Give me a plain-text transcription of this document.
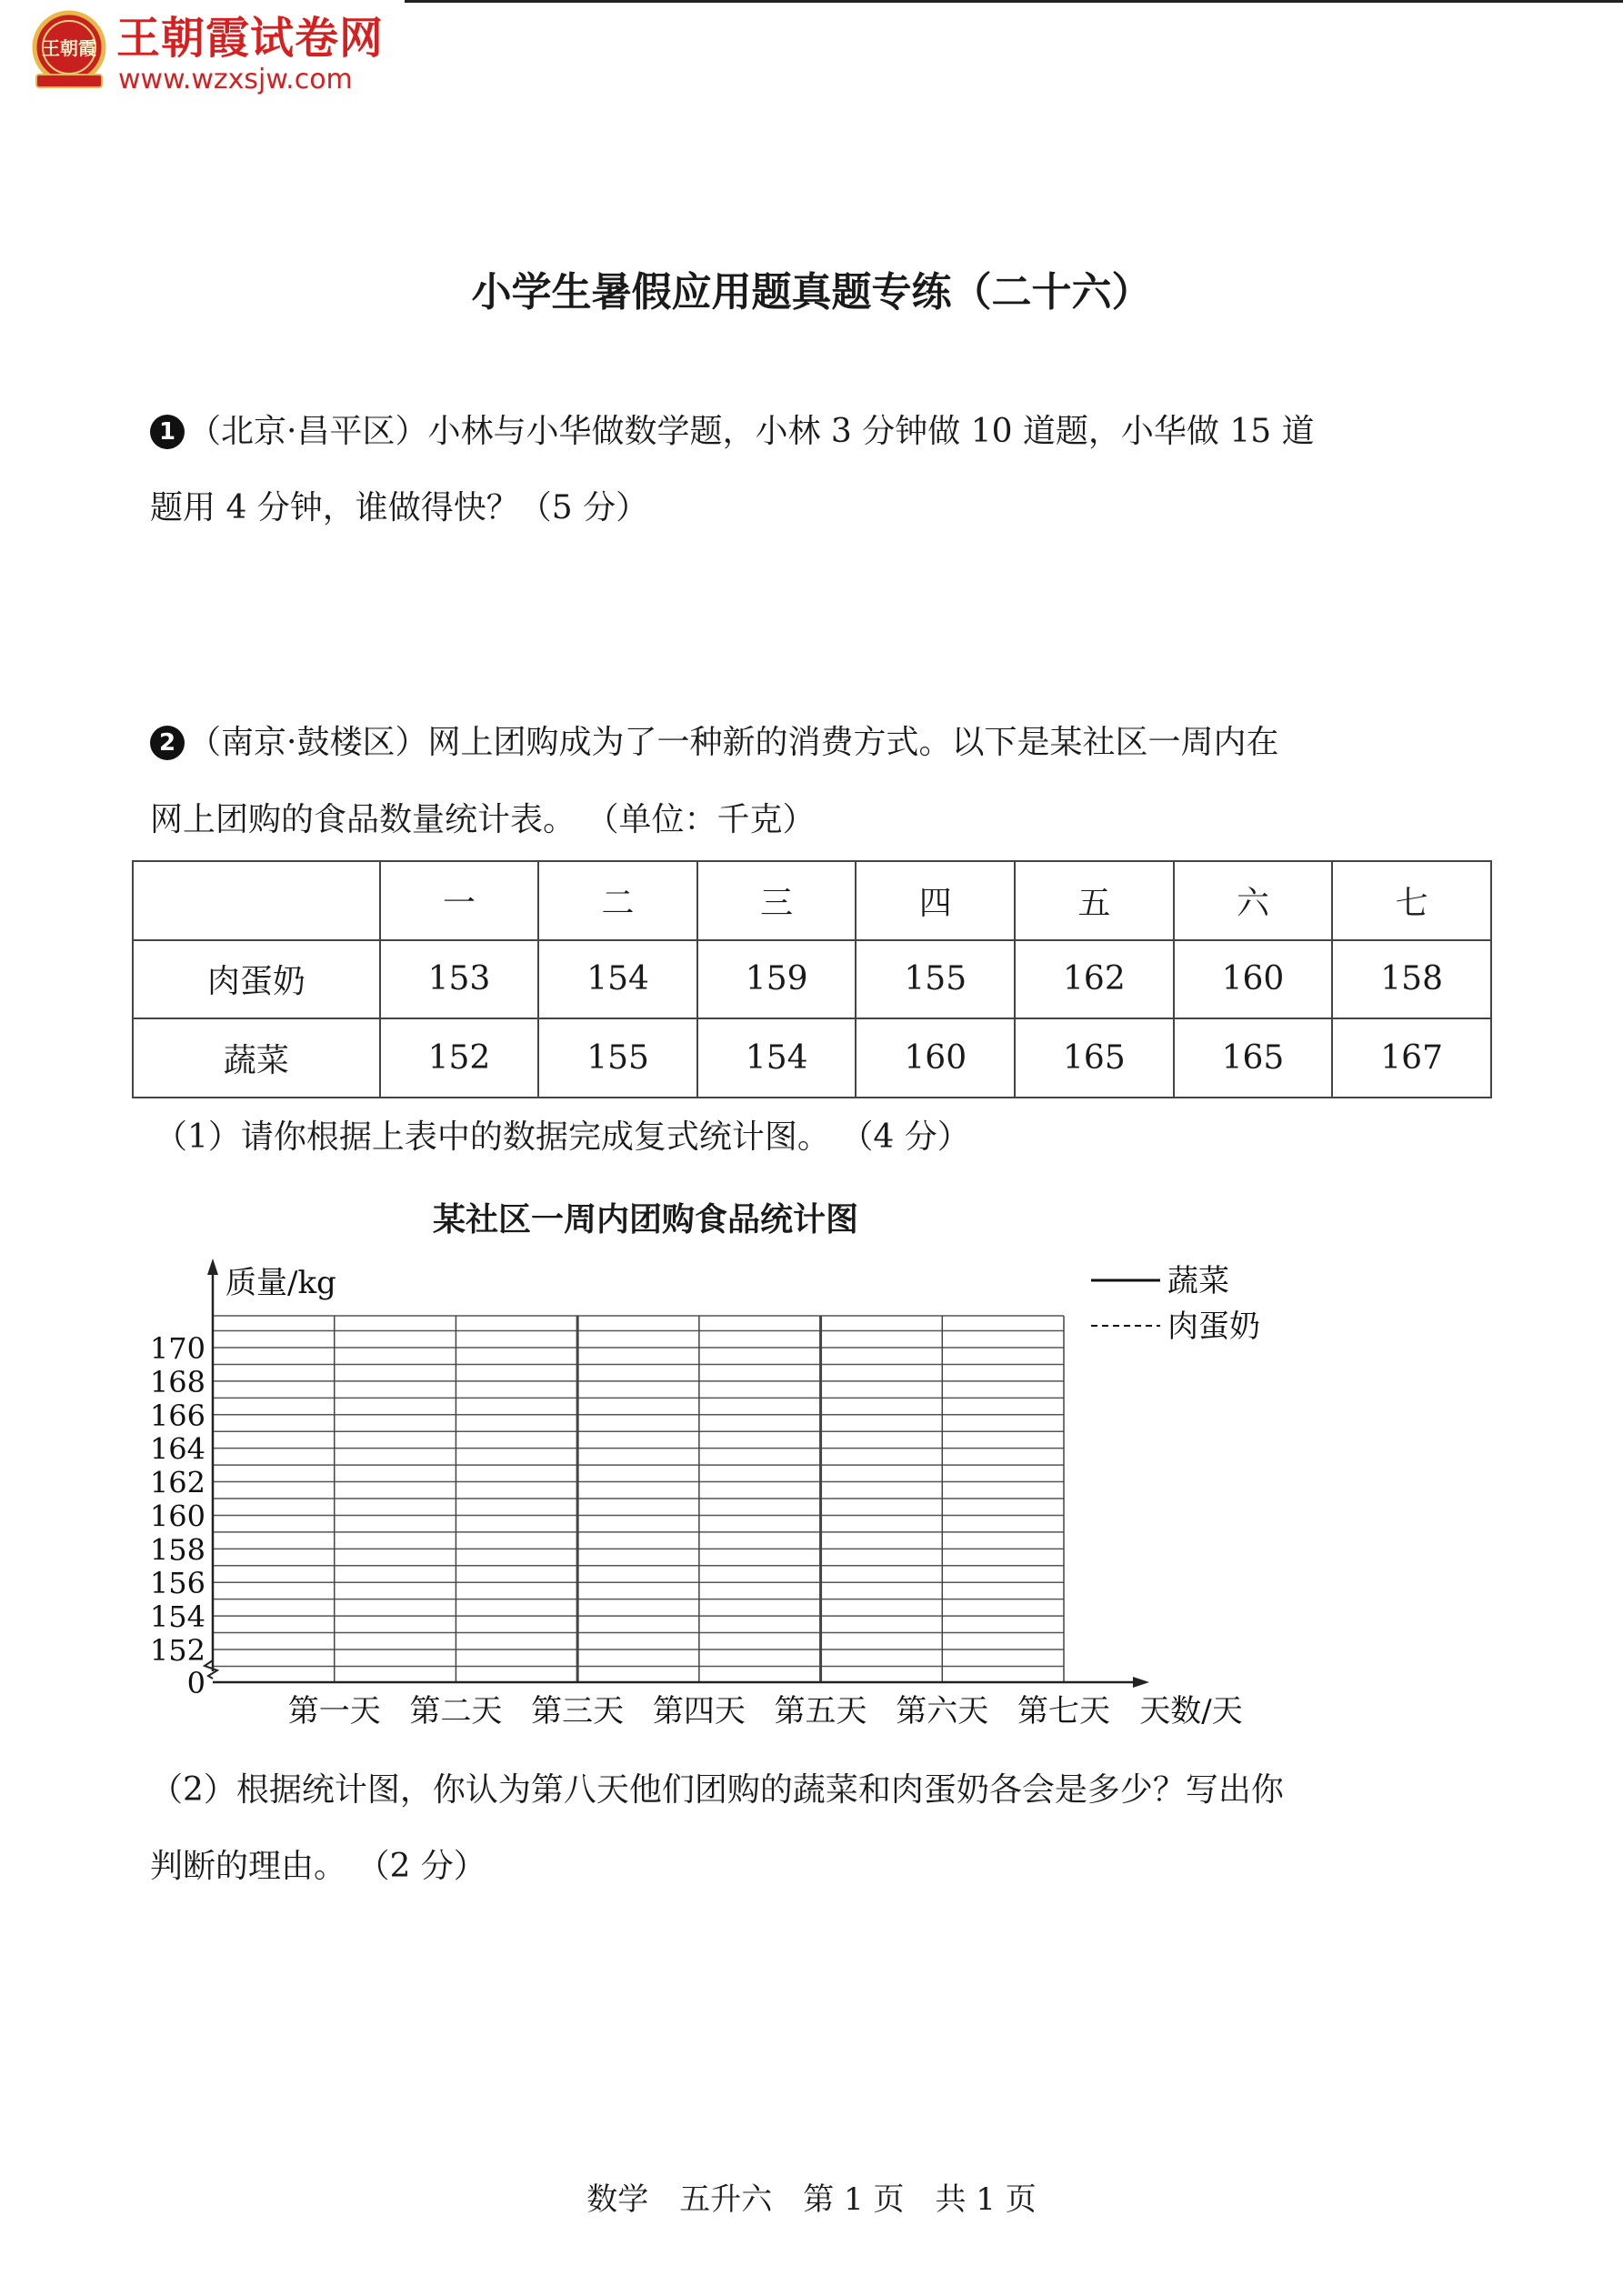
王朝霞 王朝霞试卷网
www.wzxsjw.com
小学生暑假应用题真题专练（二十六）
1 （北京·昌平区）小林与小华做数学题，小林 3 分钟做 10 道题，小华做 15 道
题用 4 分钟，谁做得快？（5 分）
2 （南京·鼓楼区）网上团购成为了一种新的消费方式。以下是某社区一周内在
网上团购的食品数量统计表。 （单位：千克）
	一	二	三	四	五	六	七
肉蛋奶	153	154	159	155	162	160	158
蔬菜	152	155	154	160	165	165	167
（1）请你根据上表中的数据完成复式统计图。 （4 分）
某社区一周内团购食品统计图
0
152
154
156
158
160
162
164
166
168
170
质量/kg
第一天 第二天 第三天 第四天 第五天 第六天 第七天 天数/天
蔬菜
肉蛋奶
（2）根据统计图，你认为第八天他们团购的蔬菜和肉蛋奶各会是多少？写出你
判断的理由。 （2 分）
数学　五升六　第 1 页　共 1 页
